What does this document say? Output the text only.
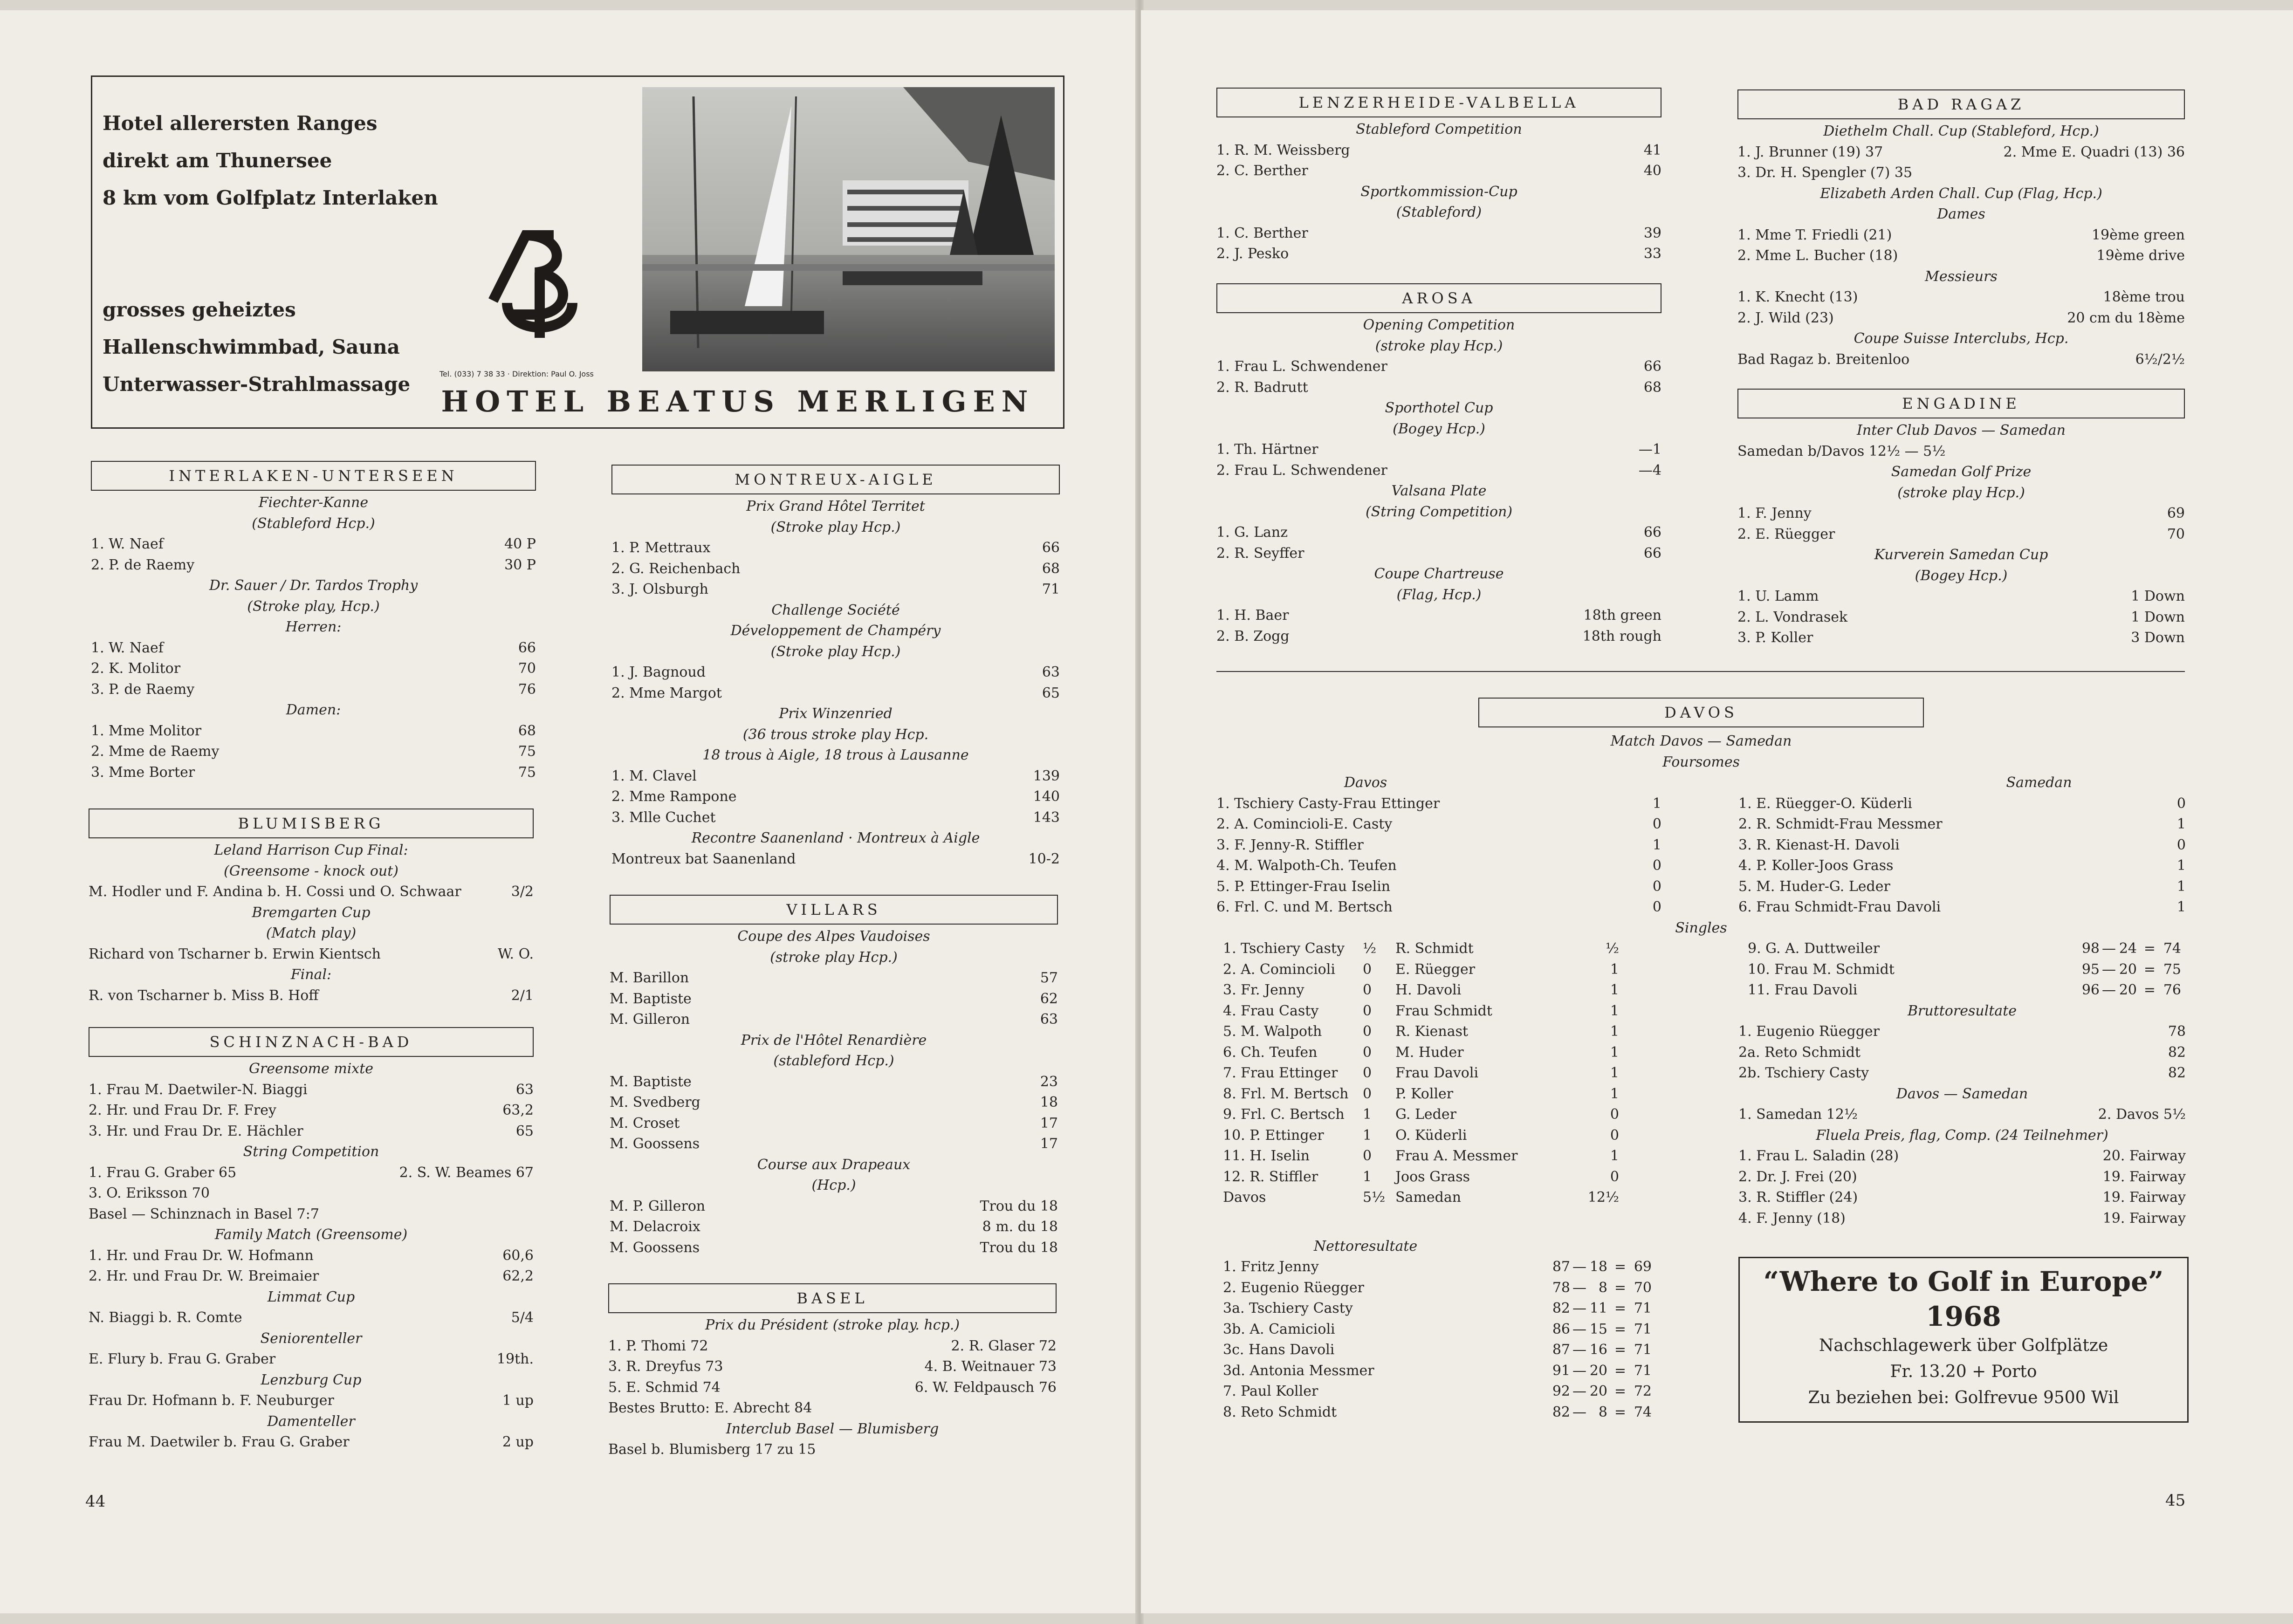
Hotel allerersten Ranges
direkt am Thunersee
8 km vom Golfplatz Interlaken
grosses geheiztes
Hallenschwimmbad, Sauna
Unterwasser-Strahlmassage	Tel. (033) 7 38 33 · Direktion: Paul O. Joss
HOTEL BEATUS MERLIGEN
INTERLAKEN-UNTERSEEN
Fiechter-Kanne
(Stableford Hcp.)
1. W. Naef	40 P
2. P. de Raemy	30 P
Dr. Sauer / Dr. Tardos Trophy
(Stroke play, Hcp.)
Herren:
1. W. Naef	66
2. K. Molitor	70
3. P. de Raemy	76
Damen:
1. Mme Molitor	68
2. Mme de Raemy	75
3. Mme Borter	75
BLUMISBERG
Leland Harrison Cup Final:
(Greensome - knock out)
M. Hodler und F. Andina b. H. Cossi und O. Schwaar	3/2
Bremgarten Cup
(Match play)
Richard von Tscharner b. Erwin Kientsch	W. O.
Final:
R. von Tscharner b. Miss B. Hoff	2/1
SCHINZNACH-BAD
Greensome mixte
1. Frau M. Daetwiler-N. Biaggi	63
2. Hr. und Frau Dr. F. Frey	63,2
3. Hr. und Frau Dr. E. Hächler	65
String Competition
1. Frau G. Graber 65	2. S. W. Beames 67
3. O. Eriksson 70
Basel — Schinznach in Basel 7:7
Family Match (Greensome)
1. Hr. und Frau Dr. W. Hofmann	60,6
2. Hr. und Frau Dr. W. Breimaier	62,2
Limmat Cup
N. Biaggi b. R. Comte	5/4
Seniorenteller
E. Flury b. Frau G. Graber	19th.
Lenzburg Cup
Frau Dr. Hofmann b. F. Neuburger	1 up
Damenteller
Frau M. Daetwiler b. Frau G. Graber	2 up
MONTREUX-AIGLE
Prix Grand Hôtel Territet
(Stroke play Hcp.)
1. P. Mettraux	66
2. G. Reichenbach	68
3. J. Olsburgh	71
Challenge Société
Développement de Champéry
(Stroke play Hcp.)
1. J. Bagnoud	63
2. Mme Margot	65
Prix Winzenried
(36 trous stroke play Hcp.
18 trous à Aigle, 18 trous à Lausanne
1. M. Clavel	139
2. Mme Rampone	140
3. Mlle Cuchet	143
Recontre Saanenland · Montreux à Aigle
Montreux bat Saanenland	10-2
VILLARS
Coupe des Alpes Vaudoises
(stroke play Hcp.)
M. Barillon	57
M. Baptiste	62
M. Gilleron	63
Prix de l'Hôtel Renardière
(stableford Hcp.)
M. Baptiste	23
M. Svedberg	18
M. Croset	17
M. Goossens	17
Course aux Drapeaux
(Hcp.)
M. P. Gilleron	Trou du 18
M. Delacroix	8 m. du 18
M. Goossens	Trou du 18
BASEL
Prix du Président (stroke play. hcp.)
1. P. Thomi 72	2. R. Glaser 72
3. R. Dreyfus 73	4. B. Weitnauer 73
5. E. Schmid 74	6. W. Feldpausch 76
Bestes Brutto: E. Abrecht 84
Interclub Basel — Blumisberg
Basel b. Blumisberg 17 zu 15
44
LENZERHEIDE-VALBELLA
Stableford Competition
1. R. M. Weissberg	41
2. C. Berther	40
Sportkommission-Cup
(Stableford)
1. C. Berther	39
2. J. Pesko	33
AROSA
Opening Competition
(stroke play Hcp.)
1. Frau L. Schwendener	66
2. R. Badrutt	68
Sporthotel Cup
(Bogey Hcp.)
1. Th. Härtner	—1
2. Frau L. Schwendener	—4
Valsana Plate
(String Competition)
1. G. Lanz	66
2. R. Seyffer	66
Coupe Chartreuse
(Flag, Hcp.)
1. H. Baer	18th green
2. B. Zogg	18th rough
BAD RAGAZ
Diethelm Chall. Cup (Stableford, Hcp.)
1. J. Brunner (19) 37	2. Mme E. Quadri (13) 36
3. Dr. H. Spengler (7) 35
Elizabeth Arden Chall. Cup (Flag, Hcp.)
Dames
1. Mme T. Friedli (21)	19ème green
2. Mme L. Bucher (18)	19ème drive
Messieurs
1. K. Knecht (13)	18ème trou
2. J. Wild (23)	20 cm du 18ème
Coupe Suisse Interclubs, Hcp.
Bad Ragaz b. Breitenloo	6½/2½
ENGADINE
Inter Club Davos — Samedan
Samedan b/Davos 12½ — 5½
Samedan Golf Prize
(stroke play Hcp.)
1. F. Jenny	69
2. E. Rüegger	70
Kurverein Samedan Cup
(Bogey Hcp.)
1. U. Lamm	1 Down
2. L. Vondrasek	1 Down
3. P. Koller	3 Down
DAVOS
Match Davos — Samedan
Foursomes
Davos
1. Tschiery Casty-Frau Ettinger	1
2. A. Comincioli-E. Casty	0
3. F. Jenny-R. Stiffler	1
4. M. Walpoth-Ch. Teufen	0
5. P. Ettinger-Frau Iselin	0
6. Frl. C. und M. Bertsch	0
Samedan
1. E. Rüegger-O. Küderli	0
2. R. Schmidt-Frau Messmer	1
3. R. Kienast-H. Davoli	0
4. P. Koller-Joos Grass	1
5. M. Huder-G. Leder	1
6. Frau Schmidt-Frau Davoli	1
Singles
1. Tschiery Casty	½	R. Schmidt	½
2. A. Comincioli	0	E. Rüegger	1
3. Fr. Jenny	0	H. Davoli	1
4. Frau Casty	0	Frau Schmidt	1
5. M. Walpoth	0	R. Kienast	1
6. Ch. Teufen	0	M. Huder	1
7. Frau Ettinger	0	Frau Davoli	1
8. Frl. M. Bertsch	0	P. Koller	1
9. Frl. C. Bertsch	1	G. Leder	0
10. P. Ettinger	1	O. Küderli	0
11. H. Iselin	0	Frau A. Messmer	1
12. R. Stiffler	1	Joos Grass	0
Davos	5½ Samedan	12½
Nettoresultate
1. Fritz Jenny	87 — 18 = 69
2. Eugenio Rüegger	78 — 8 = 70
3a. Tschiery Casty	82 — 11 = 71
3b. A. Camicioli	86 — 15 = 71
3c. Hans Davoli	87 — 16 = 71
3d. Antonia Messmer	91 — 20 = 71
7. Paul Koller	92 — 20 = 72
8. Reto Schmidt	82 — 8 = 74
9. G. A. Duttweiler	98 — 24 = 74
10. Frau M. Schmidt	95 — 20 = 75
11. Frau Davoli	96 — 20 = 76
Bruttoresultate
1. Eugenio Rüegger	78
2a. Reto Schmidt	82
2b. Tschiery Casty	82
Davos — Samedan
1. Samedan 12½	2. Davos 5½
Fluela Preis, flag, Comp. (24 Teilnehmer)
1. Frau L. Saladin (28)	20. Fairway
2. Dr. J. Frei (20)	19. Fairway
3. R. Stiffler (24)	19. Fairway
4. F. Jenny (18)	19. Fairway
“Where to Golf in Europe”
1968
Nachschlagewerk über Golfplätze
Fr. 13.20 + Porto
Zu beziehen bei: Golfrevue 9500 Wil
45
